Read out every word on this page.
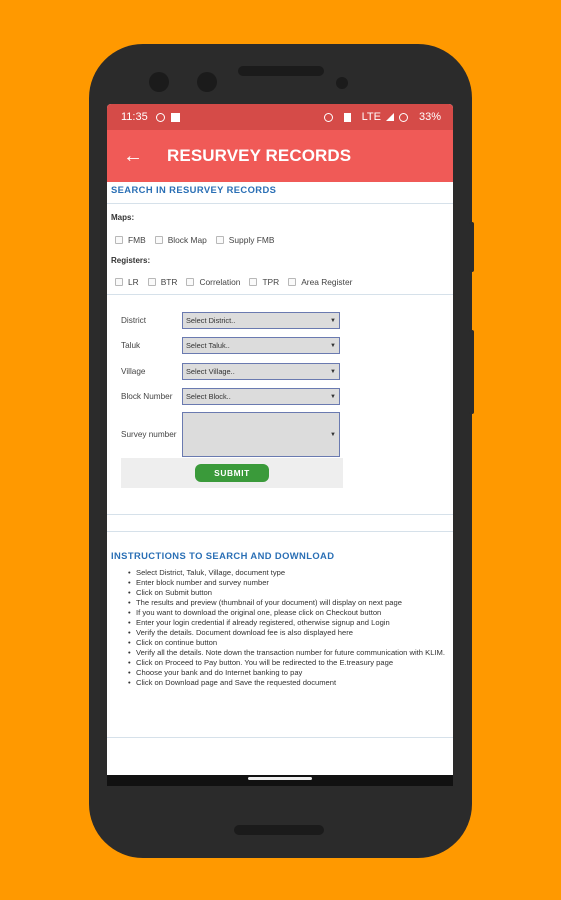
11:35	LTE	33%
← RESURVEY RECORDS
SEARCH IN RESURVEY RECORDS
Maps:
FMB	Block Map	Supply FMB
Registers:
LR	BTR	Correlation	TPR	Area Register
District	Select District..	▼
Taluk	Select Taluk..	▼
Village	Select Village..	▼
Block Number	Select Block..	▼
Survey number	▼
SUBMIT
INSTRUCTIONS TO SEARCH AND DOWNLOAD
• Select District, Taluk, Village, document type
• Enter block number and survey number
• Click on Submit button
• The results and preview (thumbnail of your document) will display on next page
• If you want to download the original one, please click on Checkout button
• Enter your login credential if already registered, otherwise signup and Login
• Verify the details. Document download fee is also displayed here
• Click on continue button
• Verify all the details. Note down the transaction number for future communication with KLIM.
• Click on Proceed to Pay button. You will be redirected to the E.treasury page
• Choose your bank and do Internet banking to pay
• Click on Download page and Save the requested document
